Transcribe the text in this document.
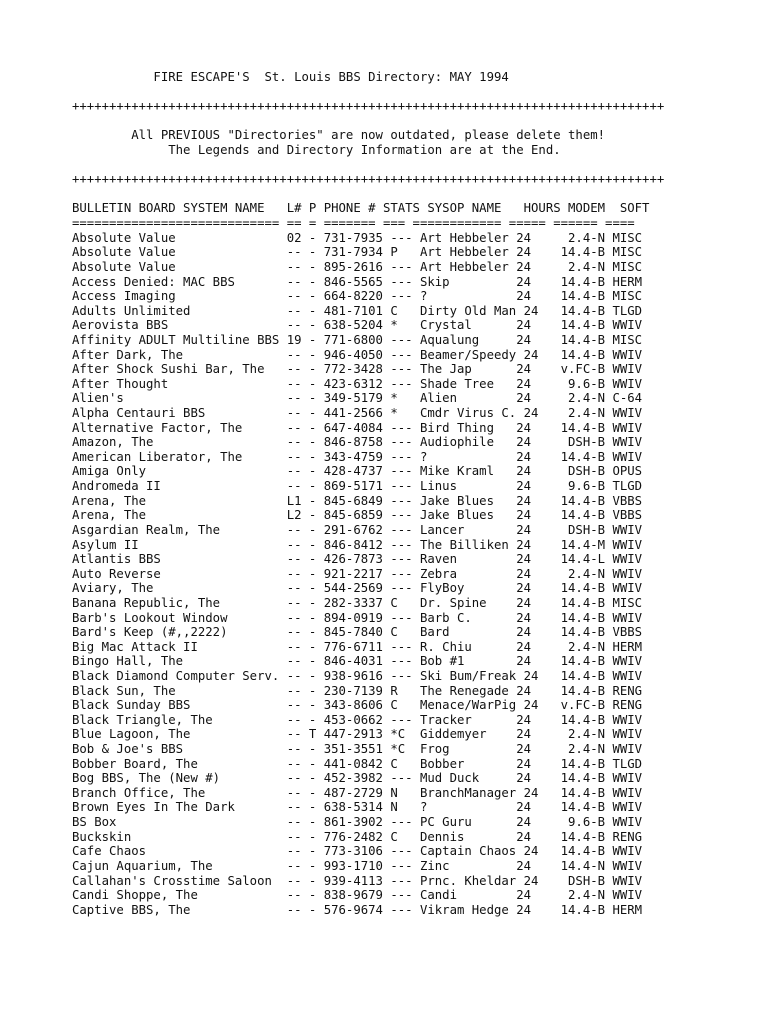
FIRE ESCAPE'S  St. Louis BBS Directory: MAY 1994
++++++++++++++++++++++++++++++++++++++++++++++++++++++++++++++++++++++++++++++++
All PREVIOUS "Directories" are now outdated, please delete them!
The Legends and Directory Information are at the End.
++++++++++++++++++++++++++++++++++++++++++++++++++++++++++++++++++++++++++++++++
BULLETIN BOARD SYSTEM NAME   L# P PHONE # STATS SYSOP NAME   HOURS MODEM  SOFT
============================ == = ======= === ============ ===== ====== ====
Absolute Value               02 - 731-7935 --- Art Hebbeler 24     2.4-N MISC
Absolute Value               -- - 731-7934 P   Art Hebbeler 24    14.4-B MISC
Absolute Value               -- - 895-2616 --- Art Hebbeler 24     2.4-N MISC
Access Denied: MAC BBS       -- - 846-5565 --- Skip         24    14.4-B HERM
Access Imaging               -- - 664-8220 --- ?            24    14.4-B MISC
Adults Unlimited             -- - 481-7101 C   Dirty Old Man 24   14.4-B TLGD
Aerovista BBS                -- - 638-5204 *   Crystal      24    14.4-B WWIV
Affinity ADULT Multiline BBS 19 - 771-6800 --- Aqualung     24    14.4-B MISC
After Dark, The              -- - 946-4050 --- Beamer/Speedy 24   14.4-B WWIV
After Shock Sushi Bar, The   -- - 772-3428 --- The Jap      24    v.FC-B WWIV
After Thought                -- - 423-6312 --- Shade Tree   24     9.6-B WWIV
Alien's                      -- - 349-5179 *   Alien        24     2.4-N C-64
Alpha Centauri BBS           -- - 441-2566 *   Cmdr Virus C. 24    2.4-N WWIV
Alternative Factor, The      -- - 647-4084 --- Bird Thing   24    14.4-B WWIV
Amazon, The                  -- - 846-8758 --- Audiophile   24     DSH-B WWIV
American Liberator, The      -- - 343-4759 --- ?            24    14.4-B WWIV
Amiga Only                   -- - 428-4737 --- Mike Kraml   24     DSH-B OPUS
Andromeda II                 -- - 869-5171 --- Linus        24     9.6-B TLGD
Arena, The                   L1 - 845-6849 --- Jake Blues   24    14.4-B VBBS
Arena, The                   L2 - 845-6859 --- Jake Blues   24    14.4-B VBBS
Asgardian Realm, The         -- - 291-6762 --- Lancer       24     DSH-B WWIV
Asylum II                    -- - 846-8412 --- The Billiken 24    14.4-M WWIV
Atlantis BBS                 -- - 426-7873 --- Raven        24    14.4-L WWIV
Auto Reverse                 -- - 921-2217 --- Zebra        24     2.4-N WWIV
Aviary, The                  -- - 544-2569 --- FlyBoy       24    14.4-B WWIV
Banana Republic, The         -- - 282-3337 C   Dr. Spine    24    14.4-B MISC
Barb's Lookout Window        -- - 894-0919 --- Barb C.      24    14.4-B WWIV
Bard's Keep (#,,2222)        -- - 845-7840 C   Bard         24    14.4-B VBBS
Big Mac Attack II            -- - 776-6711 --- R. Chiu      24     2.4-N HERM
Bingo Hall, The              -- - 846-4031 --- Bob #1       24    14.4-B WWIV
Black Diamond Computer Serv. -- - 938-9616 --- Ski Bum/Freak 24   14.4-B WWIV
Black Sun, The               -- - 230-7139 R   The Renegade 24    14.4-B RENG
Black Sunday BBS             -- - 343-8606 C   Menace/WarPig 24   v.FC-B RENG
Black Triangle, The          -- - 453-0662 --- Tracker      24    14.4-B WWIV
Blue Lagoon, The             -- T 447-2913 *C  Giddemyer    24     2.4-N WWIV
Bob & Joe's BBS              -- - 351-3551 *C  Frog         24     2.4-N WWIV
Bobber Board, The            -- - 441-0842 C   Bobber       24    14.4-B TLGD
Bog BBS, The (New #)         -- - 452-3982 --- Mud Duck     24    14.4-B WWIV
Branch Office, The           -- - 487-2729 N   BranchManager 24   14.4-B WWIV
Brown Eyes In The Dark       -- - 638-5314 N   ?            24    14.4-B WWIV
BS Box                       -- - 861-3902 --- PC Guru      24     9.6-B WWIV
Buckskin                     -- - 776-2482 C   Dennis       24    14.4-B RENG
Cafe Chaos                   -- - 773-3106 --- Captain Chaos 24   14.4-B WWIV
Cajun Aquarium, The          -- - 993-1710 --- Zinc         24    14.4-N WWIV
Callahan's Crosstime Saloon  -- - 939-4113 --- Prnc. Kheldar 24    DSH-B WWIV
Candi Shoppe, The            -- - 838-9679 --- Candi        24     2.4-N WWIV
Captive BBS, The             -- - 576-9674 --- Vikram Hedge 24    14.4-B HERM
